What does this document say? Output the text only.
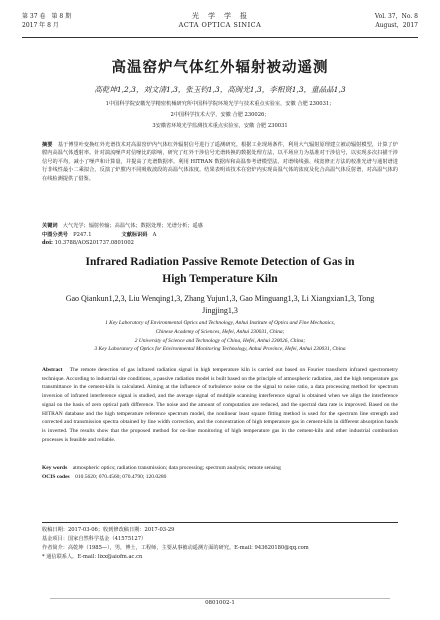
第 37 卷　第 8 期
2017 年 8 月
光　学　学　报
ACTA OPTICA SINICA
Vol. 37，No. 8
August，2017
高温窑炉气体红外辐射被动遥测
高乾坤1,2,3，刘文清1,3，张玉钧1,3，高闽光1,3，李相贤1,3，童晶晶1,3
1中国科学院安徽光学精密机械研究所中国科学院环境光学与技术重点实验室，安徽 合肥 230031；
2中国科学技术大学，安徽 合肥 230026；
3安徽省环境光学监测技术重点实验室，安徽 合肥 230031
摘要　 基于傅里叶变换红外光谱技术对高温窑炉内气体红外辐射信号进行了遥测研究。根据工业现场条件，利用大气辐射原理建立被动辐射模型，计算了炉膛内高温气体透射率。针对湍流噪声对信噪比的影响，研究了红外干涉信号光谱转换的数据处理方法，以平场应力为基准对干涉信号，以实现多次扫描干涉信号的平均，减小了噪声和计算量，并提高了光谱数据率。利用 HITRAN 数据库和高温参考谱模型法，对谱线线强、线宽修正方法的校准光谱与通射谱进行非线性最小二乘拟合，反演了炉膛内不同吸收波段的高温气体浓度。结果表明该技术在窑炉内实现高温气体的浓度及化合高温气体反射谱，对高温气体的在线检测提供了借鉴。
关键词　 大气光学；辐射传输；高温气体；数据处理；光谱分析；遥感
中图分类号　 P247.1	文献标识码　 A
doi: 10.3788/AOS201737.0801002
Infrared Radiation Passive Remote Detection of Gas in
High Temperature Kiln
Gao Qiankun1,2,3, Liu Wenqing1,3, Zhang Yujun1,3, Gao Minguang1,3, Li Xiangxian1,3, Tong Jingjing1,3
1 Key Laboratory of Environmental Optics and Technology, Anhui Institute of Optics and Fine Mechanics,
Chinese Academy of Sciences, Hefei, Anhui 230031, China;
2 University of Science and Technology of China, Hefei, Anhui 230026, China;
3 Key Laboratory of Optics for Environmental Monitoring Technology, Anhui Province, Hefei, Anhui 230031, China
Abstract　 The remote detection of gas infrared radiation signal in high temperature kiln is carried out based on Fourier transform infrared spectrometry technique. According to industrial site conditions, a passive radiation model is built based on the principle of atmospheric radiation, and the high temperature gas transmittance in the cement-kiln is calculated. Aiming at the influence of turbulence noise on the signal to noise ratio, a data processing method for spectrum inversion of infrared interference signal is studied, and the average signal of multiple scanning interference signal is obtained when we align the interference signal on the basis of zero optical path difference. The noise and the amount of computation are reduced, and the spectral data rate is improved. Based on the HITRAN database and the high temperature reference spectrum model, the nonlinear least square fitting method is used for the spectrum line strength and corrected and transmission spectra obtained by line width correction, and the concentration of high temperature gas in cement-kiln in different absorption bands is inverted. The results show that the proposed method for on-line monitoring of high temperature gas in the cement-kiln and other industrial combustion processes is feasible and reliable.
Key words　 atmospheric optics; radiation transmission; data processing; spectrum analysis; remote sensing
OCIS codes　 010.5620; 070.4560; 070.4790; 120.0280
收稿日期：2017-03-06；收到修改稿日期：2017-03-29
基金项目：国家自然科学基金（41575127）
作者简介：高乾坤（1985—），男，博士，工程师，主要从事被动遥测方面的研究。E-mail: 943620180@qq.com
* 通信联系人。E-mail: lixx@aiofm.ac.cn
0801002-1
